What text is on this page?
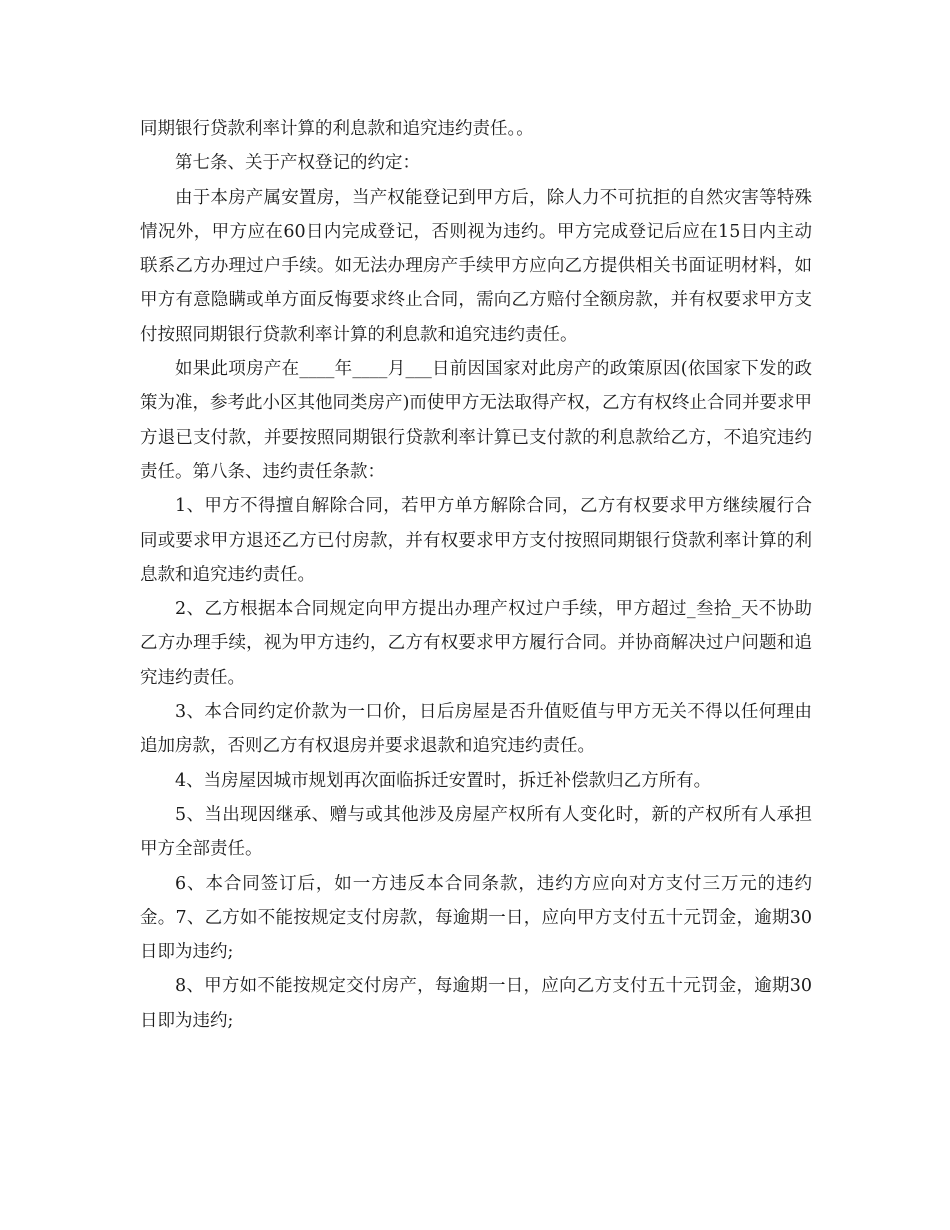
同期银行贷款利率计算的利息款和追究违约责任。。

第七条、关于产权登记的约定：

由于本房产属安置房，当产权能登记到甲方后，除人力不可抗拒的自然灾害等特殊情况外，甲方应在60日内完成登记，否则视为违约。甲方完成登记后应在15日内主动联系乙方办理过户手续。如无法办理房产手续甲方应向乙方提供相关书面证明材料，如甲方有意隐瞒或单方面反悔要求终止合同，需向乙方赔付全额房款，并有权要求甲方支付按照同期银行贷款利率计算的利息款和追究违约责任。

如果此项房产在____年____月___日前因国家对此房产的政策原因(依国家下发的政策为准，参考此小区其他同类房产)而使甲方无法取得产权，乙方有权终止合同并要求甲方退已支付款，并要按照同期银行贷款利率计算已支付款的利息款给乙方，不追究违约责任。第八条、违约责任条款：

1、甲方不得擅自解除合同，若甲方单方解除合同，乙方有权要求甲方继续履行合同或要求甲方退还乙方已付房款，并有权要求甲方支付按照同期银行贷款利率计算的利息款和追究违约责任。

2、乙方根据本合同规定向甲方提出办理产权过户手续，甲方超过_叁拾_天不协助乙方办理手续，视为甲方违约，乙方有权要求甲方履行合同。并协商解决过户问题和追究违约责任。

3、本合同约定价款为一口价，日后房屋是否升值贬值与甲方无关不得以任何理由追加房款，否则乙方有权退房并要求退款和追究违约责任。

4、当房屋因城市规划再次面临拆迁安置时，拆迁补偿款归乙方所有。

5、当出现因继承、赠与或其他涉及房屋产权所有人变化时，新的产权所有人承担甲方全部责任。

6、本合同签订后，如一方违反本合同条款，违约方应向对方支付三万元的违约金。7、乙方如不能按规定支付房款，每逾期一日，应向甲方支付五十元罚金，逾期30日即为违约;

8、甲方如不能按规定交付房产，每逾期一日，应向乙方支付五十元罚金，逾期30日即为违约;
